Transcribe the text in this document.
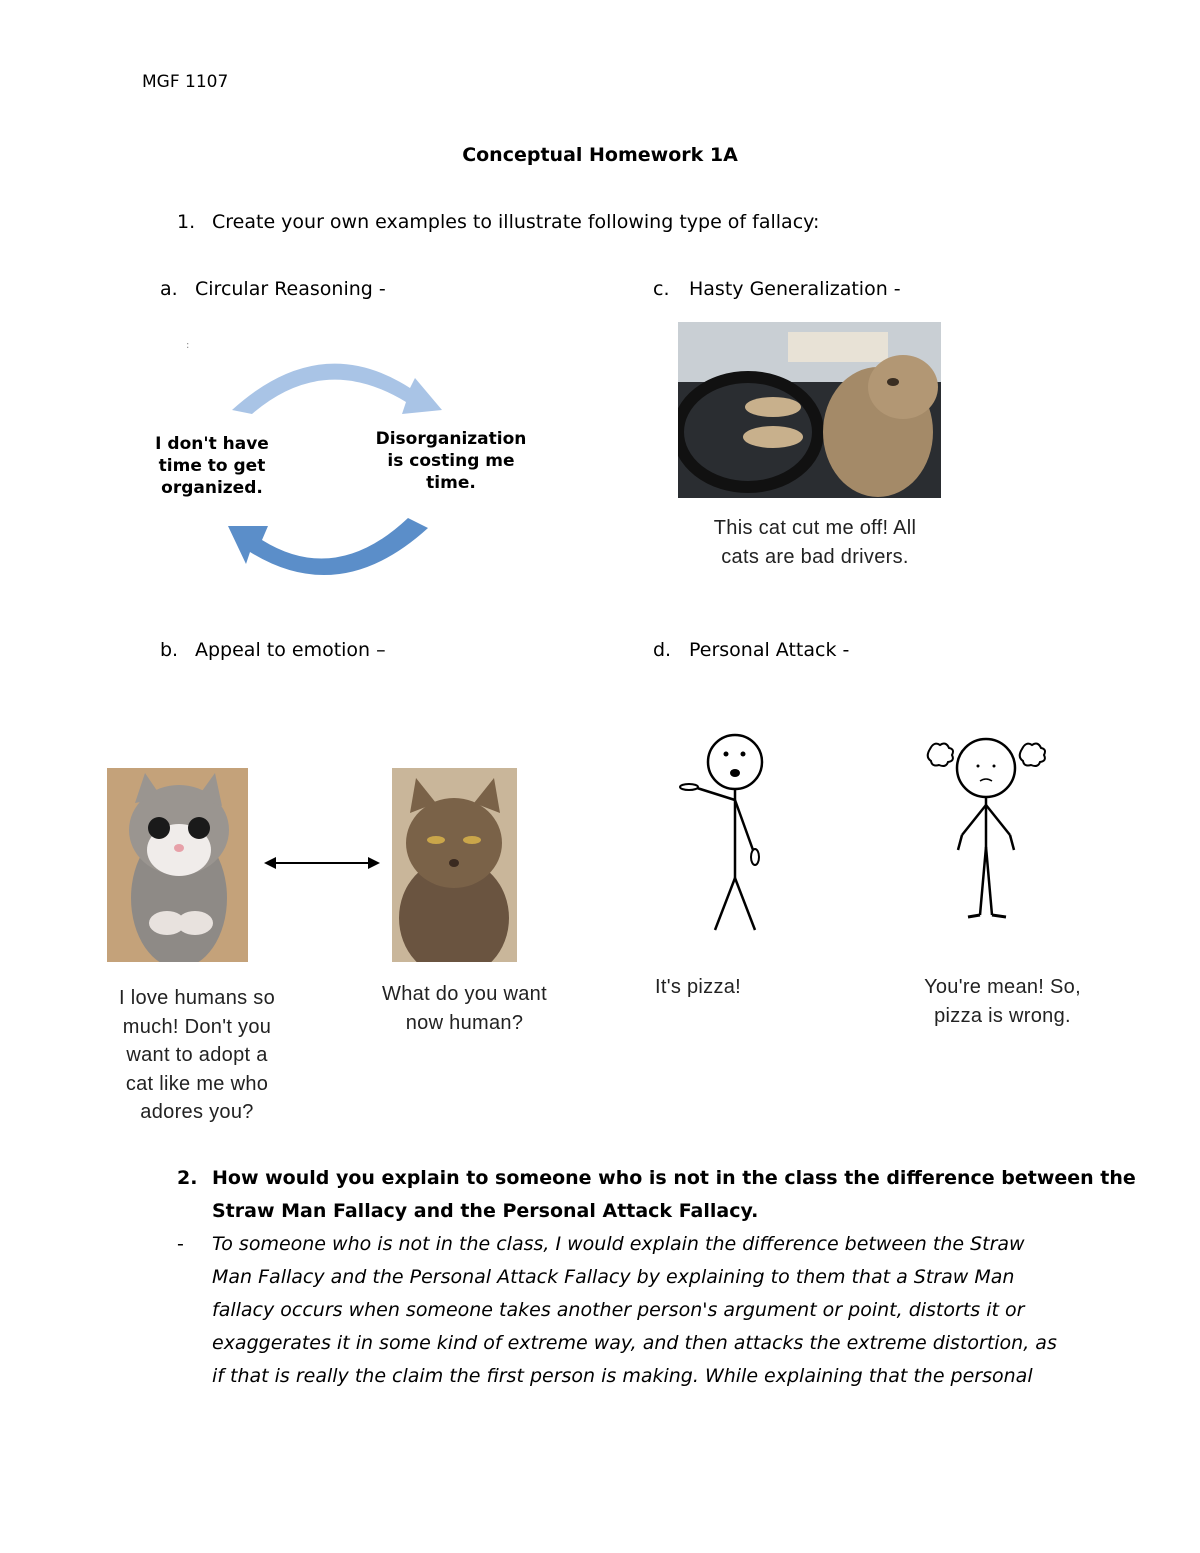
MGF 1107
Conceptual Homework 1A
1. Create your own examples to illustrate following type of fallacy:
a. Circular Reasoning -
:
I don't have
time to get
organized.
Disorganization
is costing me
time.
c. Hasty Generalization -
This cat cut me off! All
cats are bad drivers.
b. Appeal to emotion –
I love humans so
much! Don't you
want to adopt a
cat like me who
adores you?
What do you want
now human?
d. Personal Attack -
It's pizza!	You're mean! So,
pizza is wrong.
2. How would you explain to someone who is not in the class the difference between the
Straw Man Fallacy and the Personal Attack Fallacy.
- To someone who is not in the class, I would explain the difference between the Straw
Man Fallacy and the Personal Attack Fallacy by explaining to them that a Straw Man
fallacy occurs when someone takes another person's argument or point, distorts it or
exaggerates it in some kind of extreme way, and then attacks the extreme distortion, as
if that is really the claim the first person is making. While explaining that the personal
